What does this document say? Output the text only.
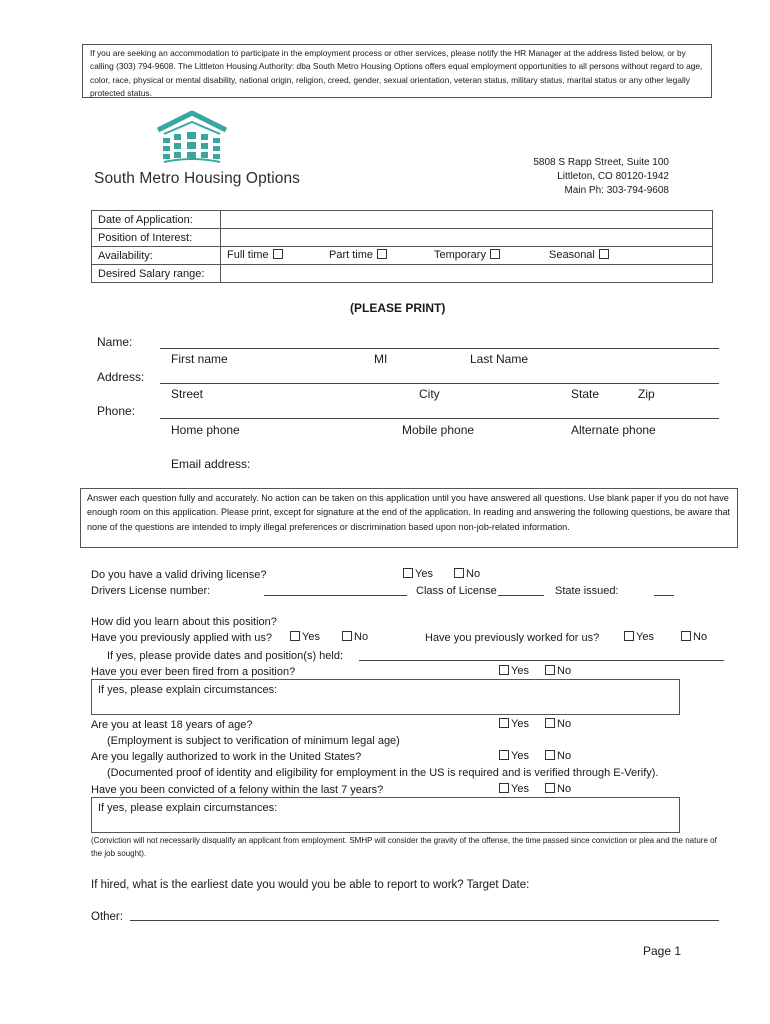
If you are seeking an accommodation to participate in the employment process or other services, please notify the HR Manager at the address listed below, or by calling (303) 794-9608. The Littleton Housing Authority: dba South Metro Housing Options offers equal employment opportunities to all persons without regard to age, color, race, physical or mental disability, national origin, religion, creed, gender, sexual orientation, veteran status, military status, marital status or any other legally protected status.
South Metro Housing Options
5808 S Rapp Street, Suite 100
Littleton, CO 80120-1942
Main Ph: 303-794-9608
Date of Application:	
Position of Interest:	
Availability:	Full time Part time Temporary Seasonal

Desired Salary range:	
(PLEASE PRINT)
Name:
First name	MI	Last Name
Address:
Street	City	State	Zip
Phone:
Home phone	Mobile phone	Alternate phone
Email address:
Answer each question fully and accurately. No action can be taken on this application until you have answered all questions. Use blank paper if you do not have enough room on this application. Please print, except for signature at the end of the application. In reading and answering the following questions, be aware that none of the questions are intended to imply illegal preferences or discrimination based upon non-job-related information.
Do you have a valid driving license?	Yes	No
Drivers License number:	Class of License	State issued:
How did you learn about this position?
Have you previously applied with us?	Yes	No	Have you previously worked for us?	Yes	No
If yes, please provide dates and position(s) held:
Have you ever been fired from a position?	Yes	No
If yes, please explain circumstances:
Are you at least 18 years of age?	Yes	No
(Employment is subject to verification of minimum legal age)
Are you legally authorized to work in the United States?	Yes	No
(Documented proof of identity and eligibility for employment in the US is required and is verified through E-Verify).
Have you been convicted of a felony within the last 7 years?	Yes	No
If yes, please explain circumstances:
(Conviction will not necessarily disqualify an applicant from employment. SMHP will consider the gravity of the offense, the time passed since conviction or plea and the nature of the job sought).
If hired, what is the earliest date you would you be able to report to work? Target Date:
Other:
Page 1
